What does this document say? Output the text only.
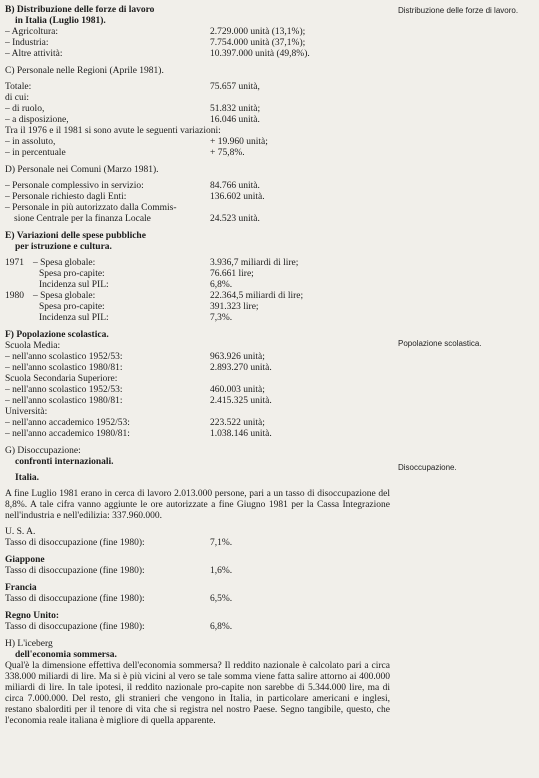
Distribuzione delle forze di lavoro.
Popolazione scolastica.
Disoccupazione.
B) Distribuzione delle forze di lavoro
in Italia (Luglio 1981).
– Agricoltura:	2.729.000 unità (13,1%);
– Industria:	7.754.000 unità (37,1%);
– Altre attività:	10.397.000 unità (49,8%).
C) Personale nelle Regioni (Aprile 1981).
Totale:	75.657 unità,
di cui:
– di ruolo,	51.832 unità;
– a disposizione,	16.046 unità.
Tra il 1976 e il 1981 si sono avute le seguenti variazioni:
– in assoluto,	+ 19.960 unità;
– in percentuale	+ 75,8%.
D) Personale nei Comuni (Marzo 1981).
– Personale complessivo in servizio:	84.766 unità.
– Personale richiesto dagli Enti:	136.602 unità.
– Personale in più autorizzato dalla Commis-
sione Centrale per la finanza Locale	24.523 unità.
E) Variazioni delle spese pubbliche
per istruzione e cultura.
1971 – Spesa globale:	3.936,7 miliardi di lire;
Spesa pro-capite:	76.661 lire;
Incidenza sul PIL:	6,8%.
1980 – Spesa globale:	22.364,5 miliardi di lire;
Spesa pro-capite:	391.323 lire;
Incidenza sul PIL:	7,3%.
F) Popolazione scolastica.
Scuola Media:
– nell'anno scolastico 1952/53:	963.926 unità;
– nell'anno scolastico 1980/81:	2.893.270 unità.
Scuola Secondaria Superiore:
– nell'anno scolastico 1952/53:	460.003 unità;
– nell'anno scolastico 1980/81:	2.415.325 unità.
Università:
– nell'anno accademico 1952/53:	223.522 unità;
– nell'anno accademico 1980/81:	1.038.146 unità.
G) Disoccupazione:
confronti internazionali.
Italia.
A fine Luglio 1981 erano in cerca di lavoro 2.013.000 persone, pari a un tasso di disoccupazione del 8,8%. A tale cifra vanno aggiunte le ore autorizzate a fine Giugno 1981 per la Cassa Integrazione nell'industria e nell'edilizia: 337.960.000.
U. S. A.
Tasso di disoccupazione (fine 1980):	7,1%.
Giappone
Tasso di disoccupazione (fine 1980):	1,6%.
Francia
Tasso di disoccupazione (fine 1980):	6,5%.
Regno Unito:
Tasso di disoccupazione (fine 1980):	6,8%.
H) L'iceberg
dell'economia sommersa.
Qual'è la dimensione effettiva dell'economia sommersa? Il reddito nazionale è calcolato pari a circa 338.000 miliardi di lire. Ma si è più vicini al vero se tale somma viene fatta salire attorno ai 400.000 miliardi di lire. In tale ipotesi, il reddito nazionale pro-capite non sarebbe di 5.344.000 lire, ma di circa 7.000.000. Del resto, gli stranieri che vengono in Italia, in particolare americani e inglesi, restano sbalorditi per il tenore di vita che si registra nel nostro Paese. Segno tangibile, questo, che l'economia reale italiana è migliore di quella apparente.
